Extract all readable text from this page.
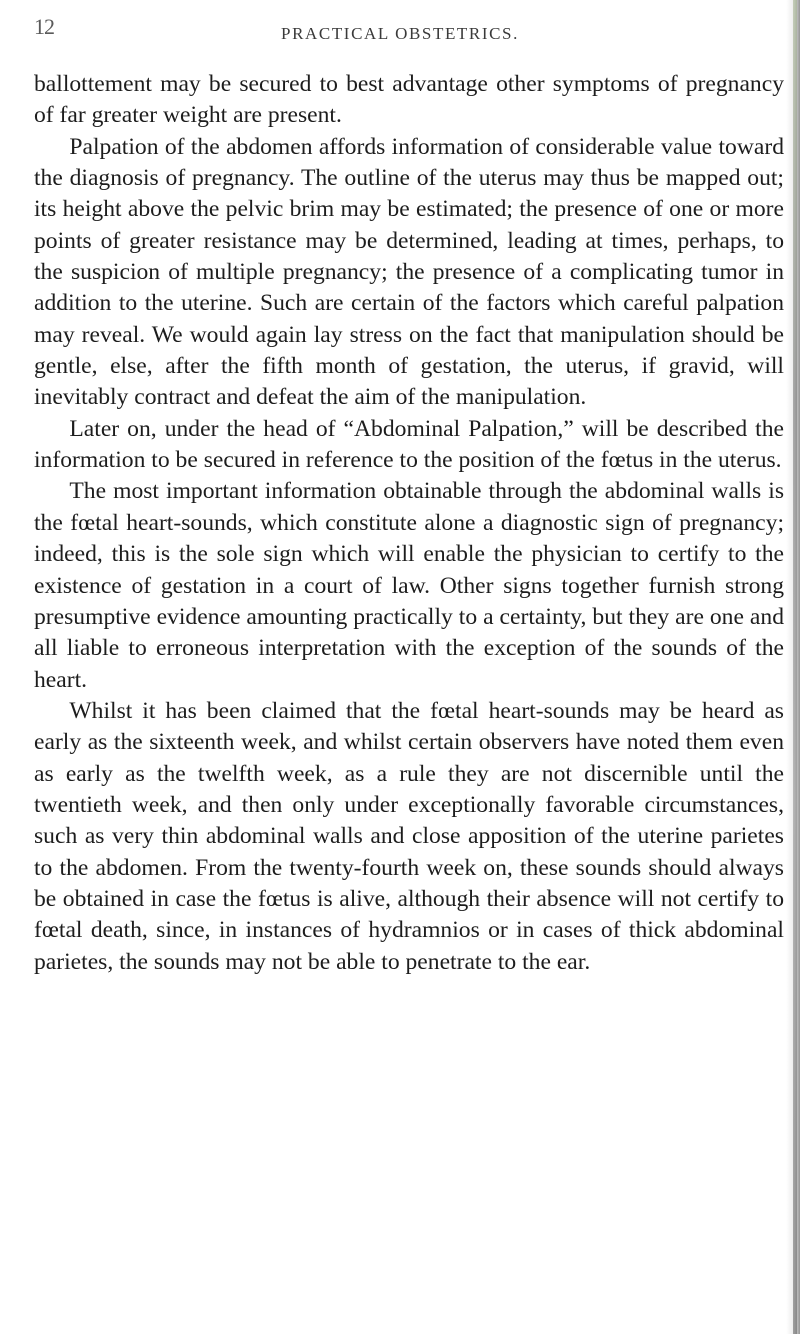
12	PRACTICAL OBSTETRICS.

ballottement may be secured to best advantage other symptoms of pregnancy of far greater weight are present.

Palpation of the abdomen affords information of considerable value toward the diagnosis of pregnancy. The outline of the uterus may thus be mapped out; its height above the pelvic brim may be estimated; the presence of one or more points of greater resistance may be determined, leading at times, perhaps, to the suspicion of multiple pregnancy; the presence of a complicating tumor in addition to the uterine. Such are certain of the factors which careful palpation may reveal. We would again lay stress on the fact that manipulation should be gentle, else, after the fifth month of gestation, the uterus, if gravid, will inevitably contract and defeat the aim of the manipulation.

Later on, under the head of “Abdominal Palpation,” will be described the information to be secured in reference to the position of the fœtus in the uterus.

The most important information obtainable through the abdominal walls is the fœtal heart-sounds, which constitute alone a diagnostic sign of pregnancy; indeed, this is the sole sign which will enable the physician to certify to the existence of gestation in a court of law. Other signs together furnish strong presumptive evidence amounting practically to a certainty, but they are one and all liable to erroneous interpretation with the exception of the sounds of the heart.

Whilst it has been claimed that the fœtal heart-sounds may be heard as early as the sixteenth week, and whilst certain observers have noted them even as early as the twelfth week, as a rule they are not discernible until the twentieth week, and then only under exceptionally favorable circumstances, such as very thin abdominal walls and close apposition of the uterine parietes to the abdomen. From the twenty-fourth week on, these sounds should always be obtained in case the fœtus is alive, although their absence will not certify to fœtal death, since, in instances of hydramnios or in cases of thick abdominal parietes, the sounds may not be able to penetrate to the ear.
